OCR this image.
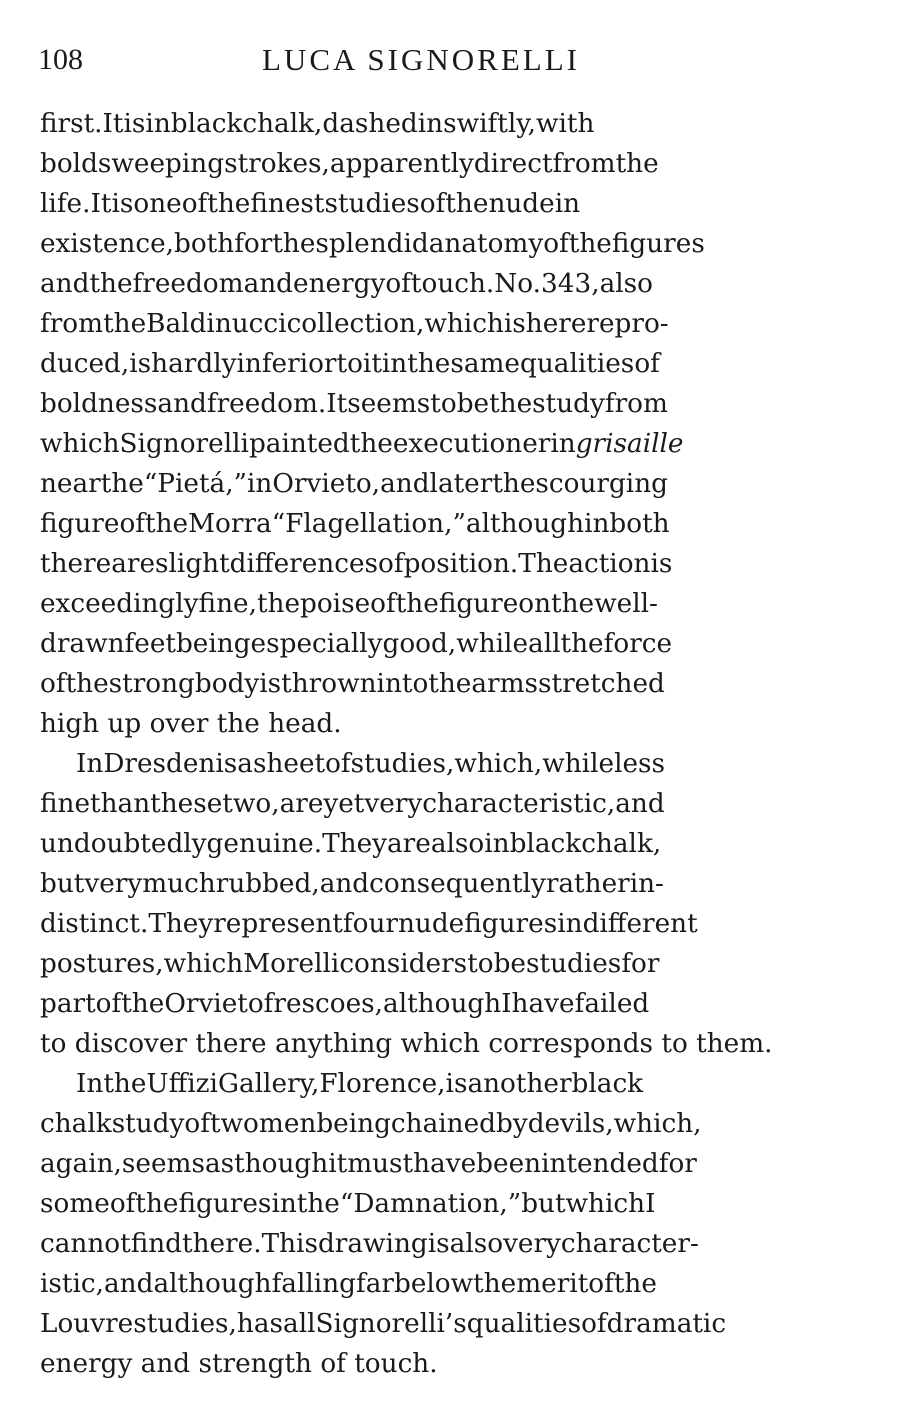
108	LUCA SIGNORELLI
first.Itisinblackchalk,dashedinswiftly,with
boldsweepingstrokes,apparentlydirectfromthe
life.Itisoneofthefineststudiesofthenudein
existence,bothforthesplendidanatomyofthefigures
andthefreedomandenergyoftouch.No.343,also
fromtheBaldinuccicollection,whichishererepro-
duced,ishardlyinferiortoitinthesamequalitiesof
boldnessandfreedom.Itseemstobethestudyfrom
whichSignorellipaintedtheexecutioneringrisaille
nearthe“Pietá,”inOrvieto,andlaterthescourging
figureoftheMorra“Flagellation,”althoughinboth
thereareslightdifferencesofposition.Theactionis
exceedinglyfine,thepoiseofthefigureonthewell-
drawnfeetbeingespeciallygood,whilealltheforce
ofthestrongbodyisthrownintothearmsstretched
high up over the head.
InDresdenisasheetofstudies,which,whileless
finethanthesetwo,areyetverycharacteristic,and
undoubtedlygenuine.Theyarealsoinblackchalk,
butverymuchrubbed,andconsequentlyratherin-
distinct.Theyrepresentfournudefiguresindifferent
postures,whichMorelliconsiderstobestudiesfor
partoftheOrvietofrescoes,althoughIhavefailed
to discover there anything which corresponds to them.
IntheUffiziGallery,Florence,isanotherblack
chalkstudyoftwomenbeingchainedbydevils,which,
again,seemsasthoughitmusthavebeenintendedfor
someofthefiguresinthe“Damnation,”butwhichI
cannotfindthere.Thisdrawingisalsoverycharacter-
istic,andalthoughfallingfarbelowthemeritofthe
Louvrestudies,hasallSignorelli’squalitiesofdramatic
energy and strength of touch.
